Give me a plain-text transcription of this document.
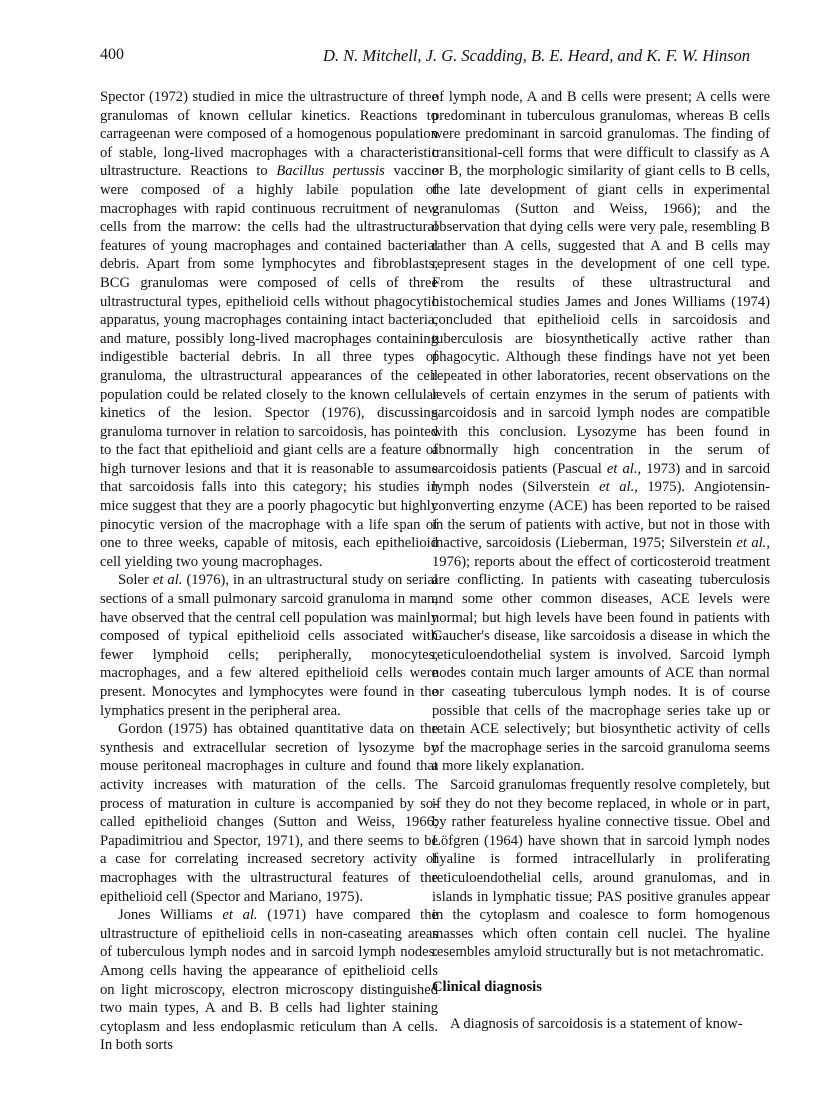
400	D. N. Mitchell, J. G. Scadding, B. E. Heard, and K. F. W. Hinson

Spector (1972) studied in mice the ultrastructure of three granulomas of known cellular kinetics. Reactions to carrageenan were composed of a homogenous population of stable, long-lived macrophages with a characteristic ultrastructure. Reactions to Bacillus pertussis vaccine were composed of a highly labile population of macrophages with rapid continuous recruitment of new cells from the marrow: the cells had the ultrastructural features of young macrophages and contained bacterial debris. Apart from some lymphocytes and fibroblasts, BCG granulomas were composed of cells of three ultrastructural types, epithelioid cells without phagocytic apparatus, young macrophages containing intact bacteria, and mature, possibly long-lived macrophages containing indigestible bacterial debris. In all three types of granuloma, the ultrastructural appearances of the cell population could be related closely to the known cellular kinetics of the lesion. Spector (1976), discussing granuloma turnover in relation to sarcoidosis, has pointed to the fact that epithelioid and giant cells are a feature of high turnover lesions and that it is reasonable to assume that sarcoidosis falls into this category; his studies in mice suggest that they are a poorly phagocytic but highly pinocytic version of the macrophage with a life span of one to three weeks, capable of mitosis, each epithelioid cell yielding two young macrophages.

Soler et al. (1976), in an ultrastructural study on serial sections of a small pulmonary sarcoid granuloma in man, have observed that the central cell population was mainly composed of typical epithelioid cells associated with fewer lymphoid cells; peripherally, monocytes, macrophages, and a few altered epithelioid cells were present. Monocytes and lymphocytes were found in the lymphatics present in the peripheral area.

Gordon (1975) has obtained quantitative data on the synthesis and extracellular secretion of lysozyme by mouse peritoneal macrophages in culture and found that activity increases with maturation of the cells. The process of maturation in culture is accompanied by so-called epithelioid changes (Sutton and Weiss, 1966; Papadimitriou and Spector, 1971), and there seems to be a case for correlating increased secretory activity of macrophages with the ultrastructural features of the epithelioid cell (Spector and Mariano, 1975).

Jones Williams et al. (1971) have compared the ultrastructure of epithelioid cells in non-caseating areas of tuberculous lymph nodes and in sarcoid lymph nodes. Among cells having the appearance of epithelioid cells on light microscopy, electron microscopy distinguished two main types, A and B. B cells had lighter staining cytoplasm and less endoplasmic reticulum than A cells. In both sorts

of lymph node, A and B cells were present; A cells were predominant in tuberculous granulomas, whereas B cells were predominant in sarcoid granulomas. The finding of transitional-cell forms that were difficult to classify as A or B, the morphologic similarity of giant cells to B cells, the late development of giant cells in experimental granulomas (Sutton and Weiss, 1966); and the observation that dying cells were very pale, resembling B rather than A cells, suggested that A and B cells may represent stages in the development of one cell type. From the results of these ultrastructural and histochemical studies James and Jones Williams (1974) concluded that epithelioid cells in sarcoidosis and tuberculosis are biosynthetically active rather than phagocytic. Although these findings have not yet been repeated in other laboratories, recent observations on the levels of certain enzymes in the serum of patients with sarcoidosis and in sarcoid lymph nodes are compatible with this conclusion. Lysozyme has been found in abnormally high concentration in the serum of sarcoidosis patients (Pascual et al., 1973) and in sarcoid lymph nodes (Silverstein et al., 1975). Angiotensin-converting enzyme (ACE) has been reported to be raised in the serum of patients with active, but not in those with inactive, sarcoidosis (Lieberman, 1975; Silverstein et al., 1976); reports about the effect of corticosteroid treatment are conflicting. In patients with caseating tuberculosis and some other common diseases, ACE levels were normal; but high levels have been found in patients with Gaucher's disease, like sarcoidosis a disease in which the reticuloendothelial system is involved. Sarcoid lymph nodes contain much larger amounts of ACE than normal or caseating tuberculous lymph nodes. It is of course possible that cells of the macrophage series take up or retain ACE selectively; but biosynthetic activity of cells of the macrophage series in the sarcoid granuloma seems a more likely explanation.

Sarcoid granulomas frequently resolve completely, but if they do not they become replaced, in whole or in part, by rather featureless hyaline connective tissue. Obel and Löfgren (1964) have shown that in sarcoid lymph nodes hyaline is formed intracellularly in proliferating reticuloendothelial cells, around granulomas, and in islands in lymphatic tissue; PAS positive granules appear in the cytoplasm and coalesce to form homogenous masses which often contain cell nuclei. The hyaline resembles amyloid structurally but is not metachromatic.

Clinical diagnosis

A diagnosis of sarcoidosis is a statement of know-
